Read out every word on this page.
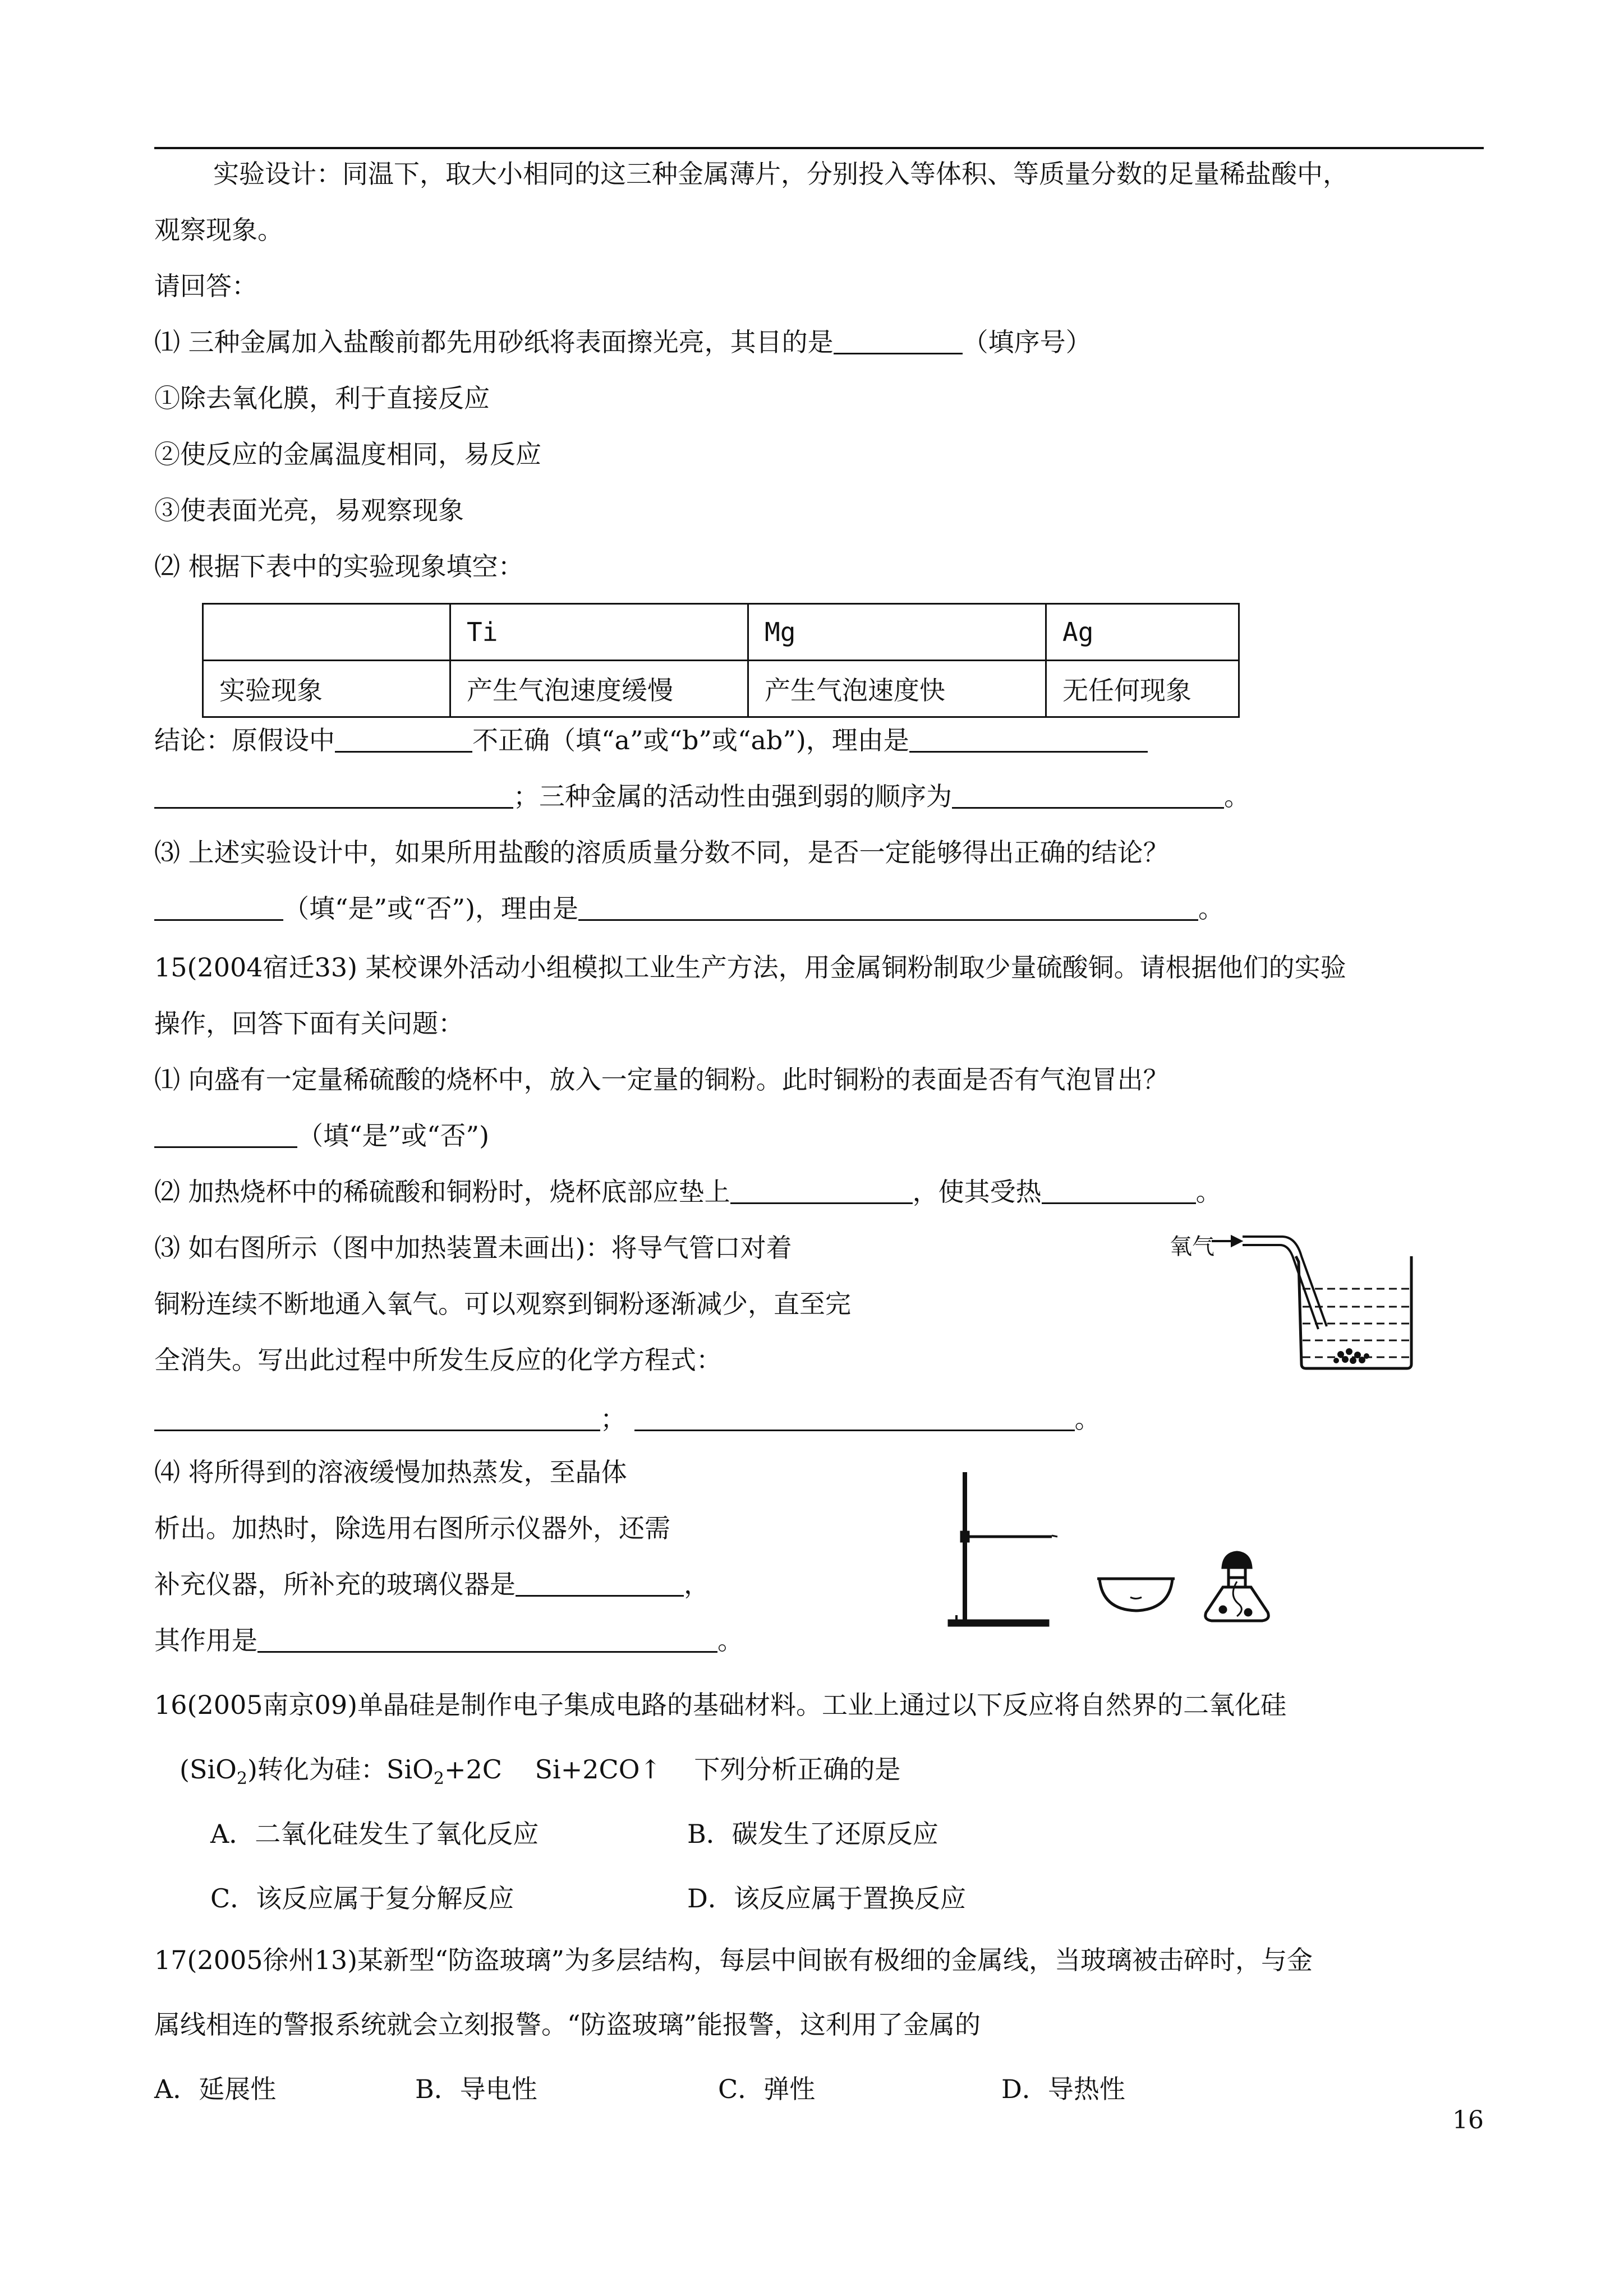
实验设计：同温下，取大小相同的这三种金属薄片，分别投入等体积、等质量分数的足量稀盐酸中，
观察现象。
请回答：
⑴ 三种金属加入盐酸前都先用砂纸将表面擦光亮，其目的是	（填序号）
①除去氧化膜，利于直接反应
②使反应的金属温度相同，易反应
③使表面光亮，易观察现象
⑵ 根据下表中的实验现象填空：
	Ti	Mg	Ag
实验现象	产生气泡速度缓慢	产生气泡速度快	无任何现象
结论：原假设中	不正确（填“a”或“b”或“ab”)，理由是
；三种金属的活动性由强到弱的顺序为	。
⑶ 上述实验设计中，如果所用盐酸的溶质质量分数不同，是否一定能够得出正确的结论？
（填“是”或“否”)，理由是	。
15(2004宿迁33) 某校课外活动小组模拟工业生产方法，用金属铜粉制取少量硫酸铜。请根据他们的实验
操作，回答下面有关问题：
⑴ 向盛有一定量稀硫酸的烧杯中，放入一定量的铜粉。此时铜粉的表面是否有气泡冒出？
（填“是”或“否”)
⑵ 加热烧杯中的稀硫酸和铜粉时，烧杯底部应垫上	，使其受热	。
⑶ 如右图所示（图中加热装置未画出)：将导气管口对着
铜粉连续不断地通入氧气。可以观察到铜粉逐渐减少，直至完
全消失。写出此过程中所发生反应的化学方程式：
；	。
氧气
⑷ 将所得到的溶液缓慢加热蒸发，至晶体
析出。加热时，除选用右图所示仪器外，还需
补充仪器，所补充的玻璃仪器是	，
其作用是	。
16(2005南京09)单晶硅是制作电子集成电路的基础材料。工业上通过以下反应将自然界的二氧化硅
(SiO$_2$)转化为硅：SiO$_2$+2C    Si+2CO↑    下列分析正确的是
A．二氧化硅发生了氧化反应	B．碳发生了还原反应
C．该反应属于复分解反应	D．该反应属于置换反应
17(2005徐州13)某新型“防盗玻璃”为多层结构，每层中间嵌有极细的金属线，当玻璃被击碎时，与金
属线相连的警报系统就会立刻报警。“防盗玻璃”能报警，这利用了金属的
A．延展性	B．导电性	C．弹性	D．导热性
16
